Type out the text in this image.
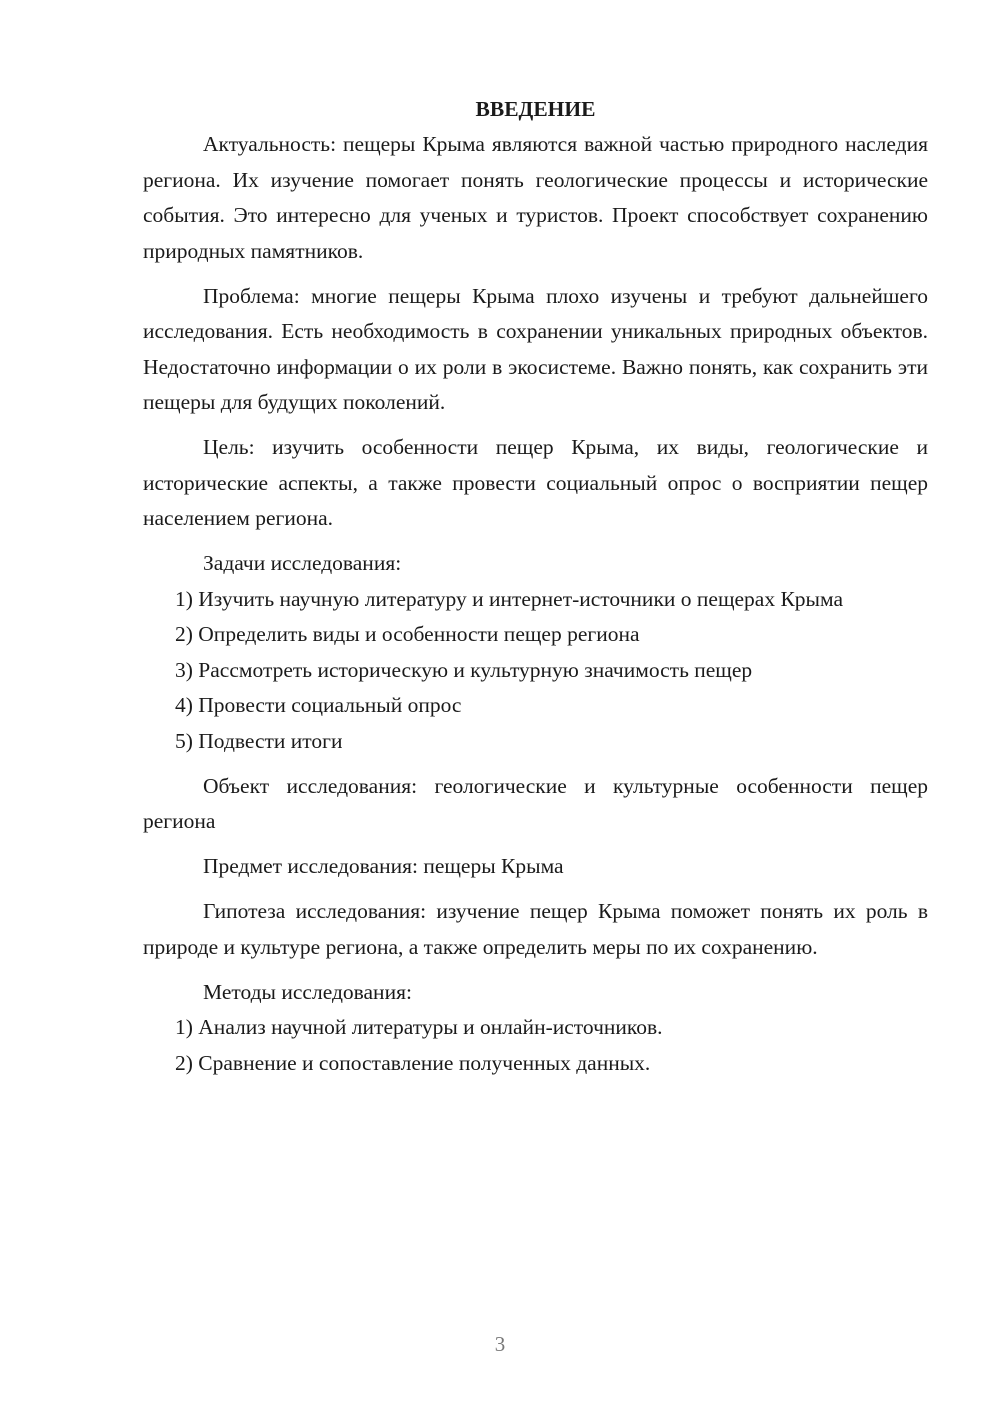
ВВЕДЕНИЕ

Актуальность: пещеры Крыма являются важной частью природного наследия региона. Их изучение помогает понять геологические процессы и исторические события. Это интересно для ученых и туристов. Проект способствует сохранению природных памятников.

Проблема: многие пещеры Крыма плохо изучены и требуют дальнейшего исследования. Есть необходимость в сохранении уникальных природных объектов. Недостаточно информации о их роли в экосистеме. Важно понять, как сохранить эти пещеры для будущих поколений.

Цель: изучить особенности пещер Крыма, их виды, геологические и исторические аспекты, а также провести социальный опрос о восприятии пещер населением региона.

Задачи исследования:

1) Изучить научную литературу и интернет-источники о пещерах Крыма

2) Определить виды и особенности пещер региона

3) Рассмотреть историческую и культурную значимость пещер

4) Провести социальный опрос

5) Подвести итоги

Объект исследования: геологические и культурные особенности пещер региона

Предмет исследования: пещеры Крыма

Гипотеза исследования: изучение пещер Крыма поможет понять их роль в природе и культуре региона, а также определить меры по их сохранению.

Методы исследования:

1) Анализ научной литературы и онлайн-источников.

2) Сравнение и сопоставление полученных данных.

3
